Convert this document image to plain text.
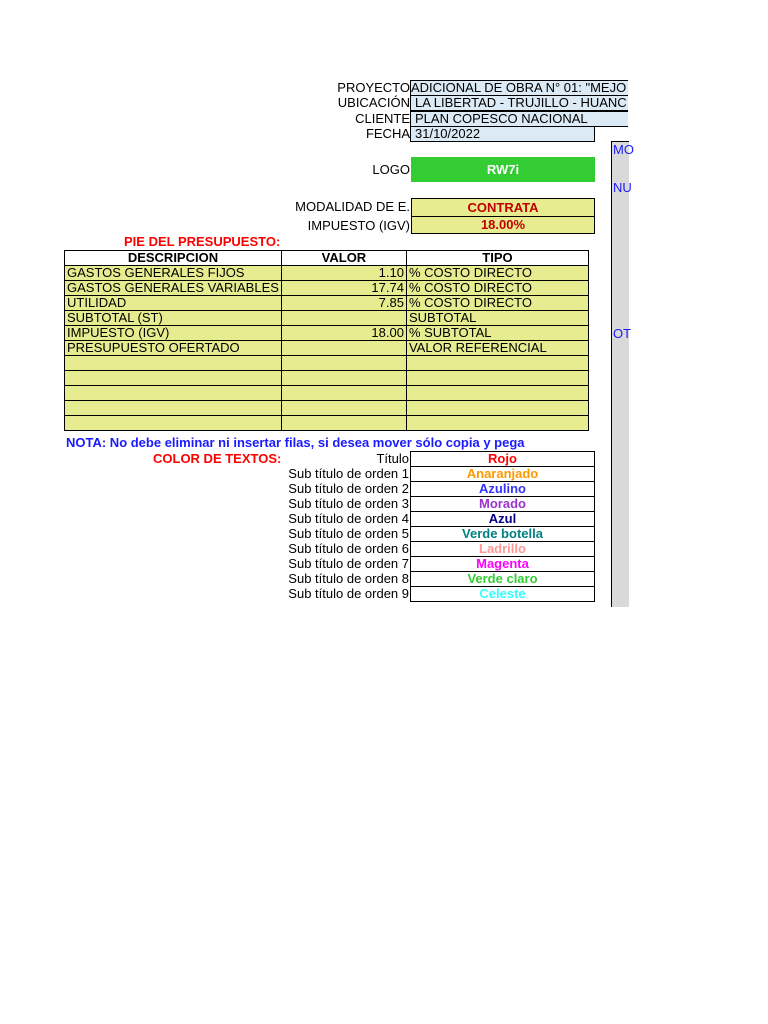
PROYECTO ADICIONAL DE OBRA N° 01: "MEJO
UBICACIÓN LA LIBERTAD - TRUJILLO - HUANC
CLIENTE PLAN COPESCO NACIONAL
FECHA 31/10/2022
LOGO	RW7i
MODALIDAD DE E.	CONTRATA
IMPUESTO (IGV)	18.00%
MO
NU
OT
PIE DEL PRESUPUESTO:
DESCRIPCION	VALOR	TIPO
GASTOS GENERALES FIJOS	1.10	% COSTO DIRECTO
GASTOS GENERALES VARIABLES	17.74	% COSTO DIRECTO
UTILIDAD	7.85	% COSTO DIRECTO
SUBTOTAL (ST)		SUBTOTAL
IMPUESTO (IGV)	18.00	% SUBTOTAL
PRESUPUESTO OFERTADO		VALOR REFERENCIAL

NOTA: No debe eliminar ni insertar filas, si desea mover sólo copia y pega
COLOR DE TEXTOS:	Título	Rojo
Sub título de orden 1	Anaranjado
Sub título de orden 2	Azulino
Sub título de orden 3	Morado
Sub título de orden 4	Azul
Sub título de orden 5	Verde botella
Sub título de orden 6	Ladrillo
Sub título de orden 7	Magenta
Sub título de orden 8	Verde claro
Sub título de orden 9	Celeste
